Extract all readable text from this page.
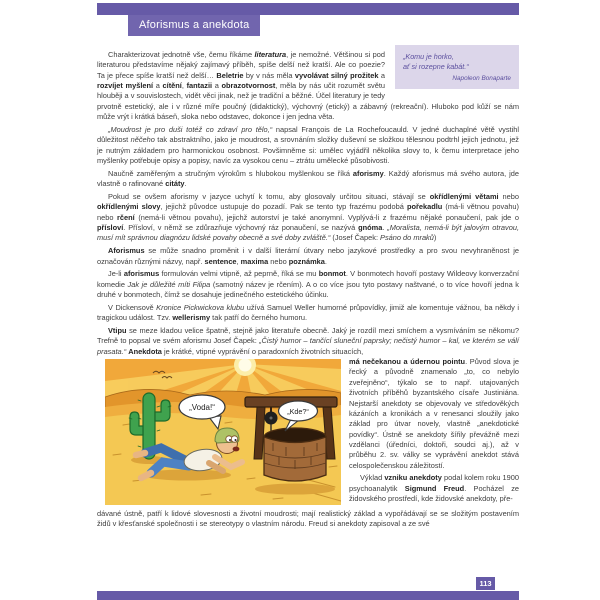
Aforismus a anekdota
„Komu je horko,
ať si rozepne kabát.“
Napoleon Bonaparte

Charakterizovat jednotně vše, čemu říkáme literatura, je nemožné. Většinou si pod literaturou představíme nějaký zajímavý příběh, spíše delší než kratší. Ale co poezie? Ta je přece spíše kratší než delší… Beletrie by v nás měla vyvolávat silný prožitek a rozvíjet myšlení a cítění, fantazii a obrazotvornost, měla by nás učit rozumět světu hlouběji a v souvislostech, vidět věci jinak, než je tradiční a běžné. Účel literatury je tedy prvotně estetický, ale i v různé míře poučný (didaktický), výchovný (etický) a zábavný (rekreační). Hluboko pod kůží se nám může vrýt i krátká báseň, sloka nebo odstavec, dokonce i jen jedna věta.

„Moudrost je pro duši totéž co zdraví pro tělo,“ napsal François de La Rochefoucauld. V jedné duchaplné větě vystihl důležitost něčeho tak abstraktního, jako je moudrost, a srovnáním složky duševní se složkou tělesnou podtrhl jejich jednotu, jež je nutným základem pro harmonickou osobnost. Povšimněme si: umělec vyjádřil několika slovy to, k čemu interpretace jeho myšlenky potřebuje opisy a popisy, navíc za vysokou cenu – ztrátu umělecké působivosti.

Naučně zaměřeným a stručným výrokům s hlubokou myšlenkou se říká aforismy. Každý aforismus má svého autora, jde vlastně o rafinované citáty.

Pokud se ovšem aforismy v jazyce uchytí k tomu, aby glosovaly určitou situaci, stávají se okřídlenými větami nebo okřídlenými slovy, jejichž původce ustupuje do pozadí. Pak se tento typ frazému podobá pořekadlu (má-li větnou povahu) nebo rčení (nemá-li větnou povahu), jejichž autorství je také anonymní. Vyplývá-li z frazému nějaké ponaučení, pak jde o přísloví. Přísloví, v němž se zdůrazňuje výchovný ráz ponaučení, se nazývá gnóma. „Moralista, nemá-li být jalovým otravou, musí mít správnou diagnózu lidské povahy obecně a své doby zvláště.“ (Josef Čapek: Psáno do mraků)

Aforismus se může snadno proměnit i v další literární útvary nebo jazykové prostředky a pro svou nevyhraněnost je označován různými názvy, např. sentence, maxima nebo poznámka.

Je-li aforismus formulován velmi vtipně, až peprně, říká se mu bonmot. V bonmotech hovoří postavy Wildeovy konverzační komedie Jak je důležité míti Filipa (samotný název je rčením). A o co více jsou tyto postavy naštvané, o to více hovoří jedna k druhé v bonmotech, čímž se dosahuje jedinečného estetického účinku.

V Dickensově Kronice Pickwickova klubu užívá Samuel Weller humorné průpovídky, jimiž ale komentuje vážnou, ba někdy i tragickou událost. Tzv. wellerismy tak patří do černého humoru.

Vtipu se meze kladou velice špatně, stejně jako literatuře obecně. Jaký je rozdíl mezi smíchem a vysmíváním se někomu? Trefně to popsal ve svém aforismu Josef Čapek: „Čistý humor – tančící sluneční paprsky; nečistý humor – kal, ve kterém se válí prasata.“ Anekdota je krátké, vtipné vyprávění o paradoxních životních situacích,

„Voda!“	„Kde?“

má nečekanou a údernou pointu. Původ slova je řecký a původně znamenalo „to, co nebylo zveřejněno“, týkalo se to např. utajovaných životních příběhů byzantského císaře Justiniána. Nejstarší anekdoty se objevovaly ve středověkých kázáních a kronikách a v renesanci sloužily jako základ pro útvar novely, vlastně „anekdotické povídky“. Ústně se anekdoty šířily převážně mezi vzdělanci (úředníci, doktoři, soudci aj.), až v průběhu 2. sv. války se vyprávění anekdot stává celospolečenskou záležitostí.

Výklad vzniku anekdoty podal kolem roku 1900 psychoanalytik Sigmund Freud. Pocházel ze židovského prostředí, kde židovské anekdoty, pře-

dávané ústně, patří k lidové slovesnosti a životní moudrosti; mají realistický základ a vypořádávají se se složitým postavením židů v křesťanské společnosti i se stereotypy o vlastním národu. Freud si anekdoty zapisoval a ze své

113
